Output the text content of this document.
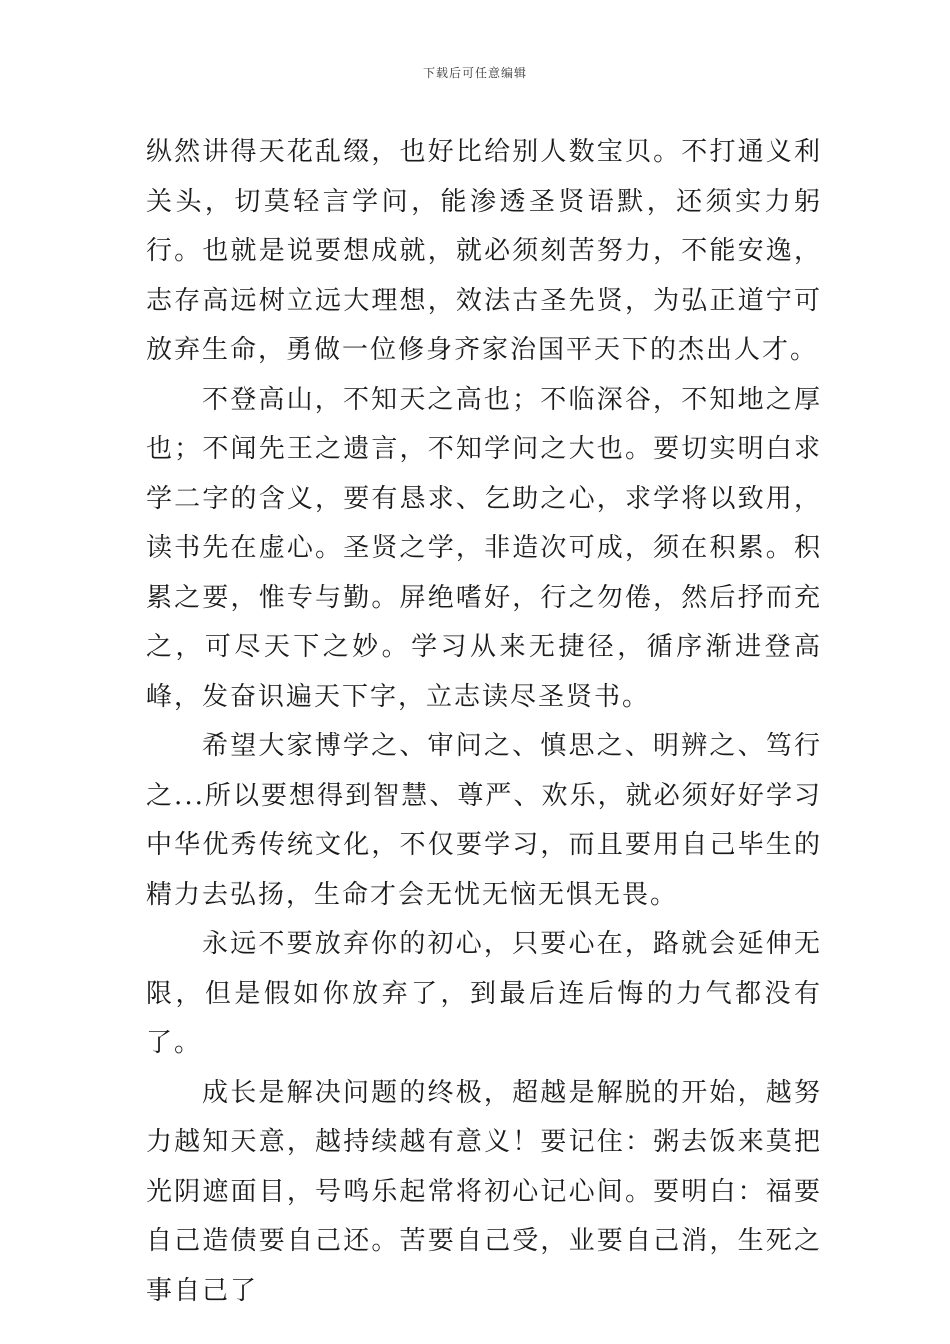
下载后可任意编辑

纵然讲得天花乱缀，也好比给别人数宝贝。不打通义利关头，切莫轻言学问，能渗透圣贤语默，还须实力躬行。也就是说要想成就，就必须刻苦努力，不能安逸，志存高远树立远大理想，效法古圣先贤，为弘正道宁可放弃生命，勇做一位修身齐家治国平天下的杰出人才。

不登高山，不知天之高也；不临深谷，不知地之厚也；不闻先王之遗言，不知学问之大也。要切实明白求学二字的含义，要有恳求、乞助之心，求学将以致用，读书先在虚心。圣贤之学，非造次可成，须在积累。积累之要，惟专与勤。屏绝嗜好，行之勿倦，然后抒而充之，可尽天下之妙。学习从来无捷径，循序渐进登高峰，发奋识遍天下字，立志读尽圣贤书。

希望大家博学之、审问之、慎思之、明辨之、笃行之...所以要想得到智慧、尊严、欢乐，就必须好好学习中华优秀传统文化，不仅要学习，而且要用自己毕生的精力去弘扬，生命才会无忧无恼无惧无畏。

永远不要放弃你的初心，只要心在，路就会延伸无限，但是假如你放弃了，到最后连后悔的力气都没有了。

成长是解决问题的终极，超越是解脱的开始，越努力越知天意，越持续越有意义！要记住：粥去饭来莫把光阴遮面目，号鸣乐起常将初心记心间。要明白：福要自己造债要自己还。苦要自己受，业要自己消，生死之事自己了
